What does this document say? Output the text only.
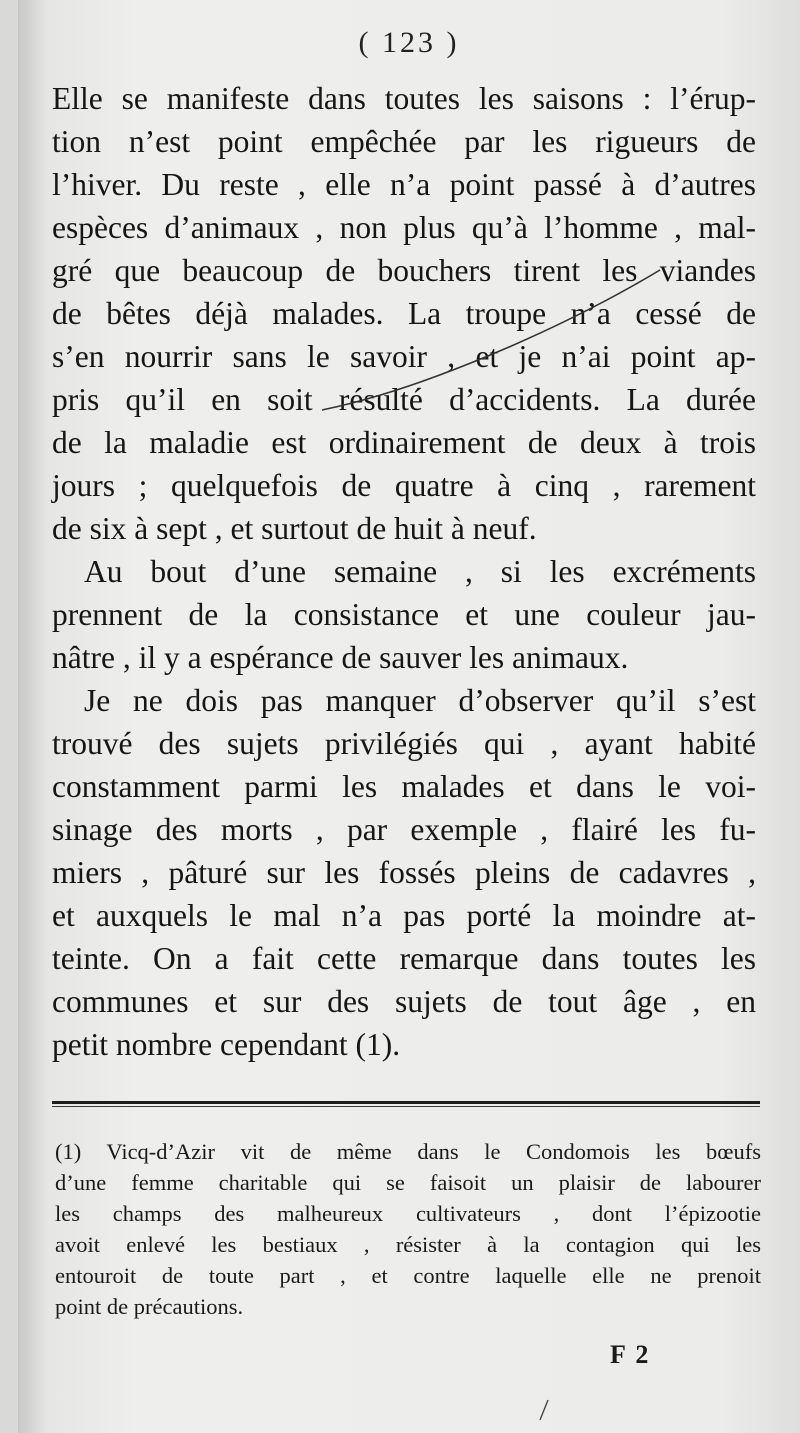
( 123 )
Elle se manifeste dans toutes les saisons : l’érup-
tion n’est point empêchée par les rigueurs de
l’hiver. Du reste , elle n’a point passé à d’autres
espèces d’animaux , non plus qu’à l’homme , mal-
gré que beaucoup de bouchers tirent les viandes
de bêtes déjà malades. La troupe n’a cessé de
s’en nourrir sans le savoir , et je n’ai point ap-
pris qu’il en soit résulté d’accidents. La durée
de la maladie est ordinairement de deux à trois
jours ; quelquefois de quatre à cinq , rarement
de six à sept , et surtout de huit à neuf.
Au bout d’une semaine , si les excréments
prennent de la consistance et une couleur jau-
nâtre , il y a espérance de sauver les animaux.
Je ne dois pas manquer d’observer qu’il s’est
trouvé des sujets privilégiés qui , ayant habité
constamment parmi les malades et dans le voi-
sinage des morts , par exemple , flairé les fu-
miers , pâturé sur les fossés pleins de cadavres ,
et auxquels le mal n’a pas porté la moindre at-
teinte. On a fait cette remarque dans toutes les
communes et sur des sujets de tout âge , en
petit nombre cependant (1).
(1) Vicq-d’Azir vit de même dans le Condomois les bœufs
d’une femme charitable qui se faisoit un plaisir de labourer
les champs des malheureux cultivateurs , dont l’épizootie
avoit enlevé les bestiaux , résister à la contagion qui les
entouroit de toute part , et contre laquelle elle ne prenoit
point de précautions.
F 2
